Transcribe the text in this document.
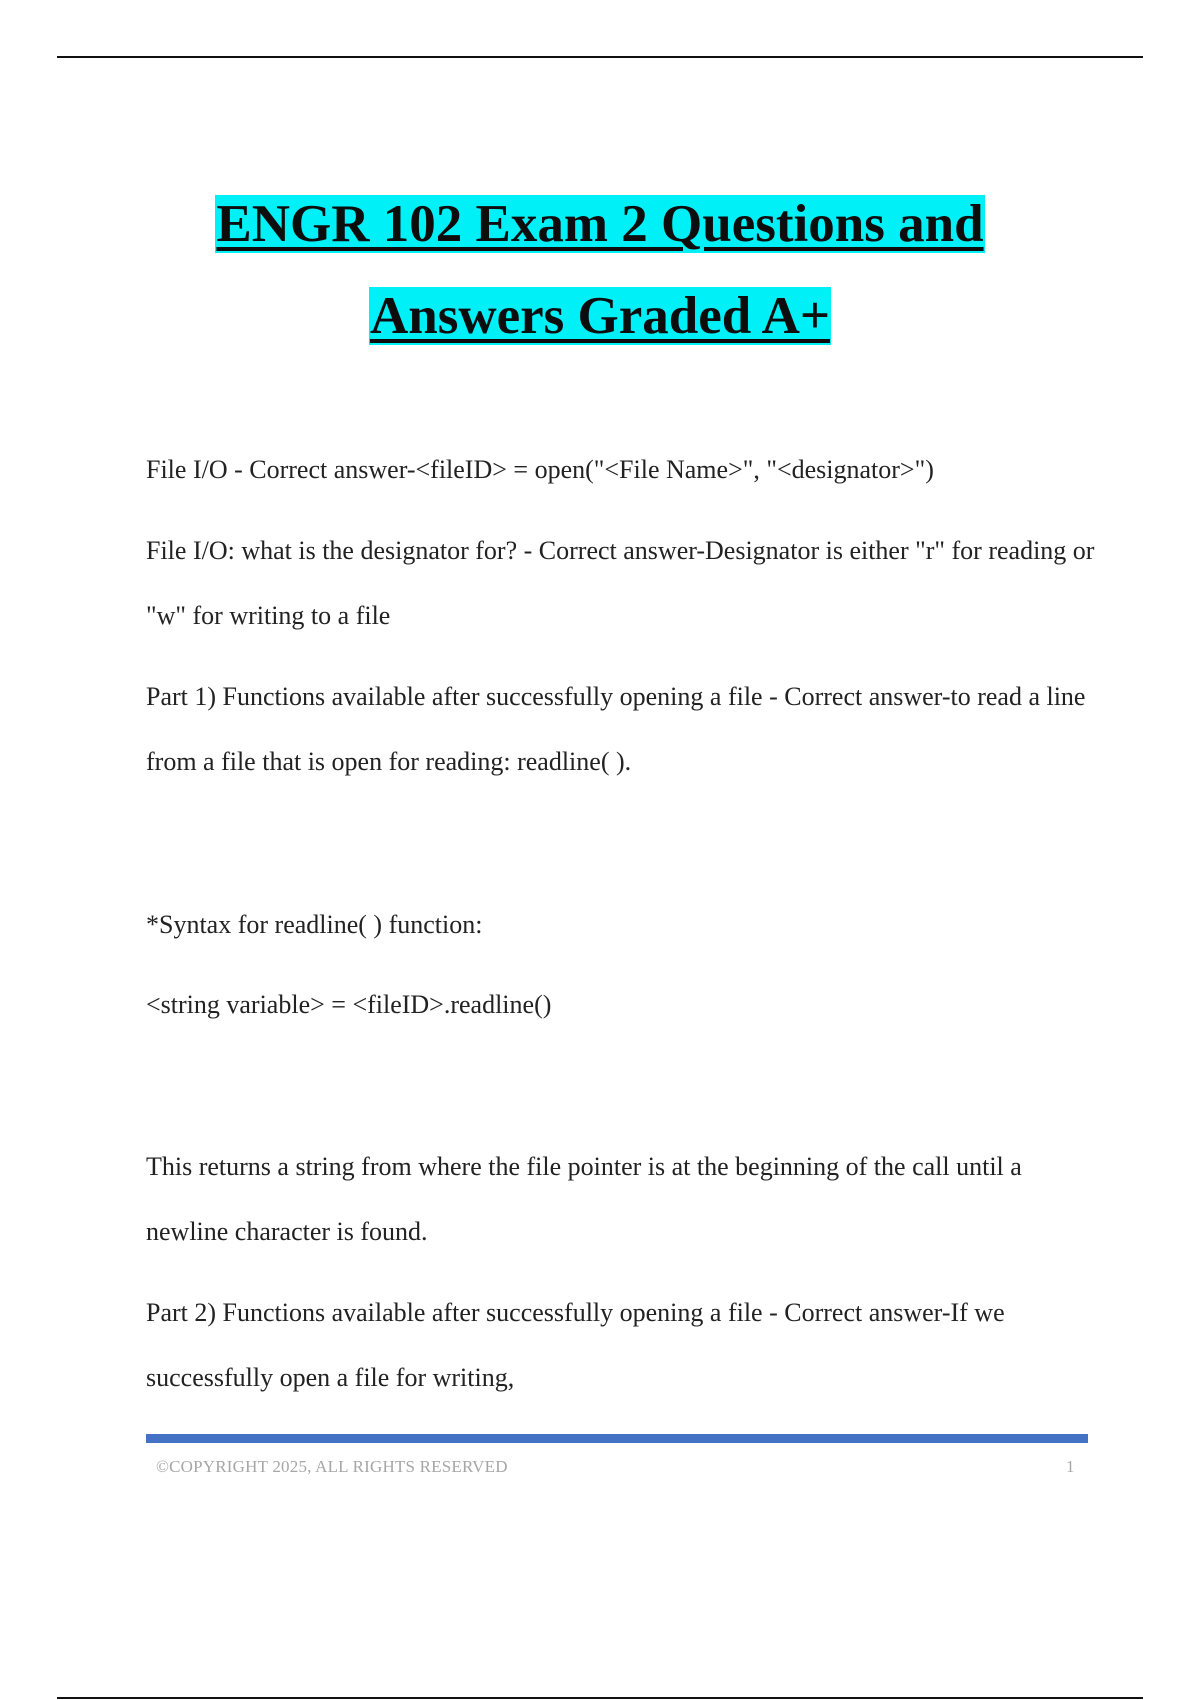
ENGR 102 Exam 2 Questions and
Answers Graded A+

File I/O - Correct answer-<fileID> = open("<File Name>", "<designator>")

File I/O: what is the designator for? - Correct answer-Designator is either "r" for reading or "w" for writing to a file

Part 1) Functions available after successfully opening a file - Correct answer-to read a line from a file that is open for reading: readline( ).

*Syntax for readline( ) function:

<string variable> = <fileID>.readline()

This returns a string from where the file pointer is at the beginning of the call until a newline character is found.

Part 2) Functions available after successfully opening a file - Correct answer-If we successfully open a file for writing,

©COPYRIGHT 2025, ALL RIGHTS RESERVED	1
